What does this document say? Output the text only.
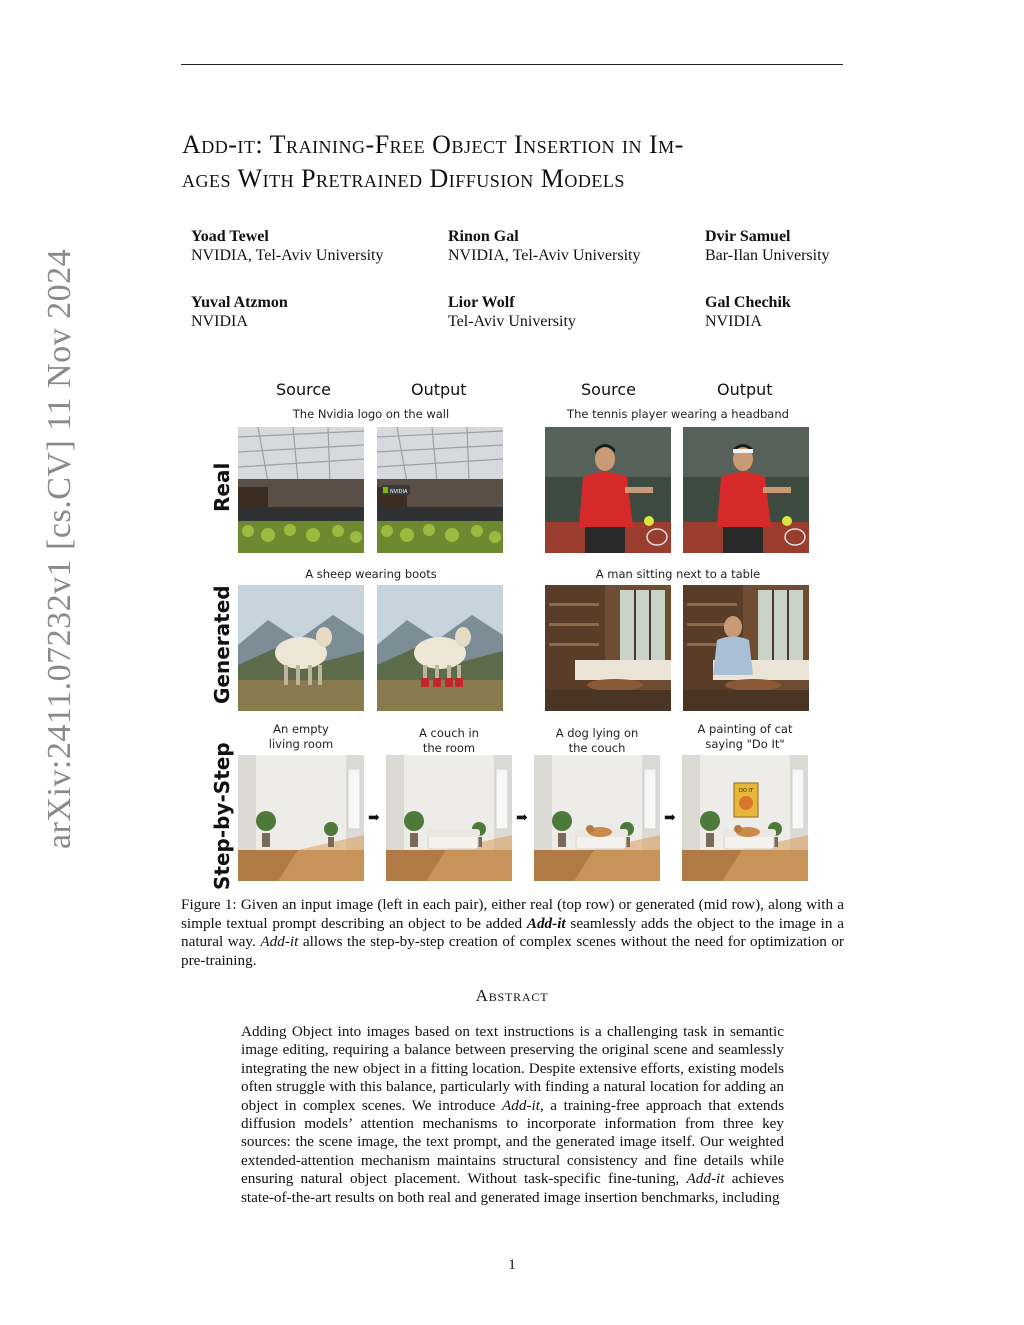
Add-it: Training-Free Object Insertion in Im-
ages With Pretrained Diffusion Models
Yoad Tewel
NVIDIA, Tel-Aviv University
Rinon Gal
NVIDIA, Tel-Aviv University
Dvir Samuel
Bar-Ilan University
Yuval Atzmon
NVIDIA
Lior Wolf
Tel-Aviv University
Gal Chechik
NVIDIA
arXiv:2411.07232v1 [cs.CV] 11 Nov 2024	Source	Output	Source	Output
The Nvidia logo on the wall	The tennis player wearing a headband
Real
Generated
Step-by-Step
NVIDIA
A sheep wearing boots	A man sitting next to a table
An empty
living room
A couch in
the room
A dog lying on
the couch
A painting of cat
saying "Do It"
➡	➡	➡
DO IT

Figure 1: Given an input image (left in each pair), either real (top row) or generated (mid row), along with a simple textual prompt describing an object to be added Add-it seamlessly adds the object to the image in a natural way. Add-it allows the step-by-step creation of complex scenes without the need for optimization or pre-training.

Abstract

Adding Object into images based on text instructions is a challenging task in semantic image editing, requiring a balance between preserving the original scene and seamlessly integrating the new object in a fitting location. Despite extensive efforts, existing models often struggle with this balance, particularly with finding a natural location for adding an object in complex scenes. We introduce Add-it, a training-free approach that extends diffusion models’ attention mechanisms to incorporate information from three key sources: the scene image, the text prompt, and the generated image itself. Our weighted extended-attention mechanism maintains structural consistency and fine details while ensuring natural object placement. Without task-specific fine-tuning, Add-it achieves state-of-the-art results on both real and generated image insertion benchmarks, including

1
